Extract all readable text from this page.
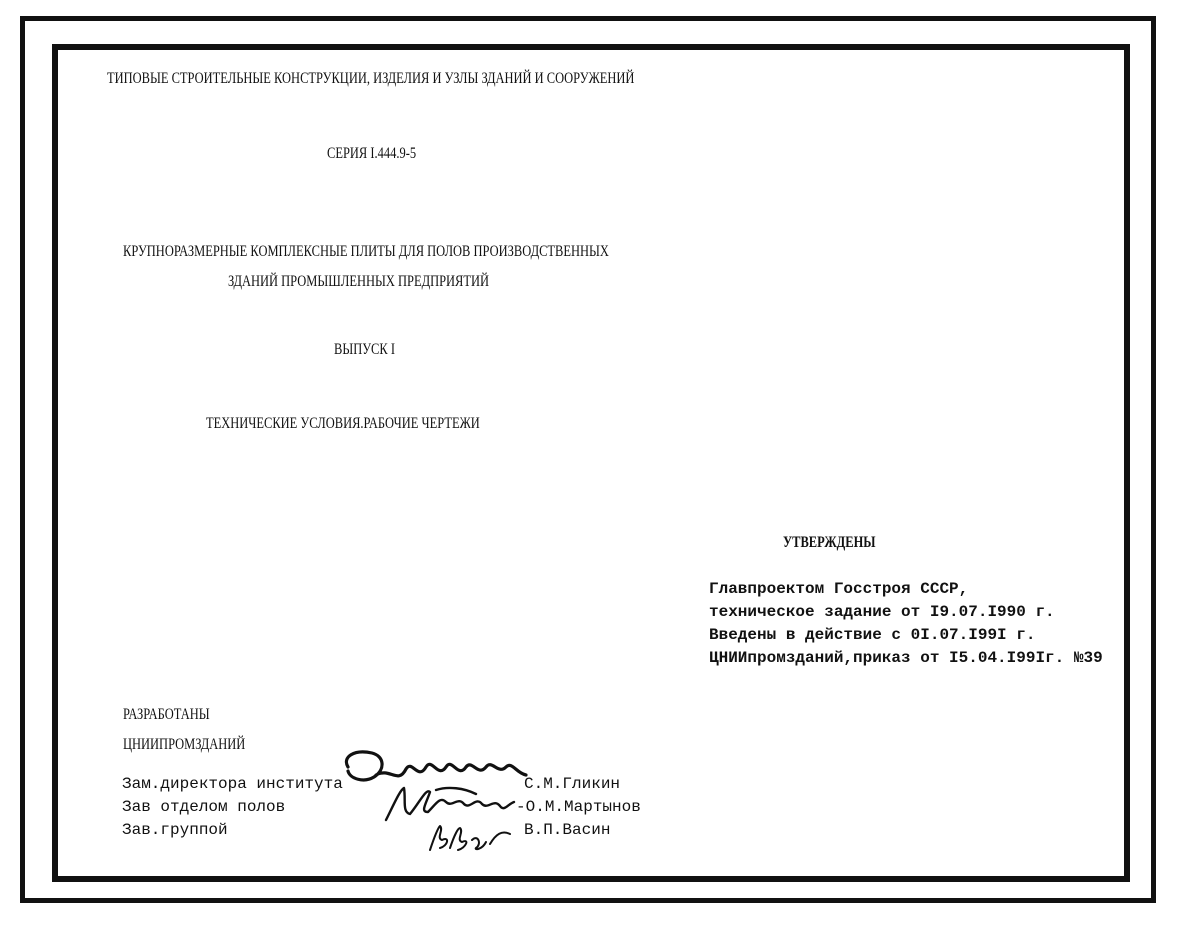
ТИПОВЫЕ СТРОИТЕЛЬНЫЕ КОНСТРУКЦИИ, ИЗДЕЛИЯ И УЗЛЫ ЗДАНИЙ И СООРУЖЕНИЙ
СЕРИЯ I.444.9-5
КРУПНОРАЗМЕРНЫЕ КОМПЛЕКСНЫЕ ПЛИТЫ ДЛЯ ПОЛОВ ПРОИЗВОДСТВЕННЫХ
ЗДАНИЙ ПРОМЫШЛЕННЫХ ПРЕДПРИЯТИЙ
ВЫПУСК I
ТЕХНИЧЕСКИЕ УСЛОВИЯ.РАБОЧИЕ ЧЕРТЕЖИ
УТВЕРЖДЕНЫ
Главпроектом Госстроя СССР,
техническое задание от I9.07.I990 г.
Введены в действие с 0I.07.I99I г.
ЦНИИпромзданий,приказ от I5.04.I99Iг. №39
РАЗРАБОТАНЫ
ЦНИИПРОМЗДАНИЙ
Зам.директора института
Зав отделом полов
Зав.группой
С.М.Гликин
-О.М.Мартынов
В.П.Васин
